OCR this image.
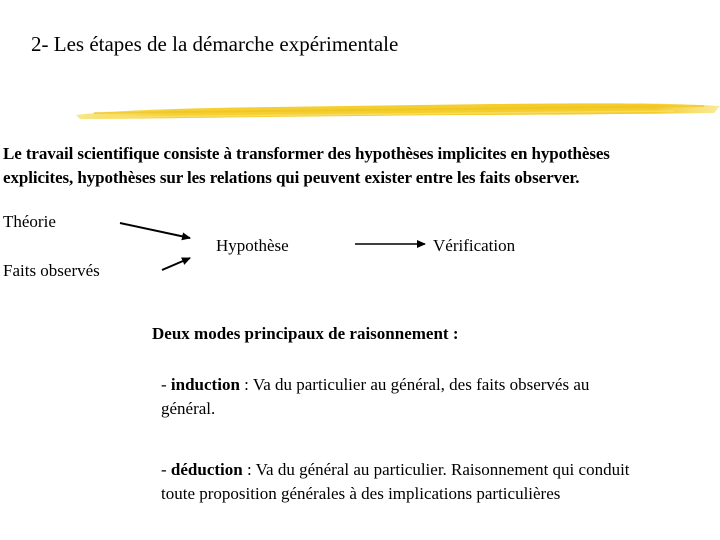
2- Les étapes de la démarche expérimentale
Le travail scientifique consiste à transformer des hypothèses implicites en hypothèses
explicites, hypothèses sur les relations qui peuvent exister entre les faits observer.
Théorie
Faits observés
Hypothèse	Vérification
Deux modes principaux de raisonnement :
- induction : Va du particulier au général, des faits observés au
général.
- déduction : Va du général au particulier. Raisonnement qui conduit
toute proposition générales à des implications particulières
